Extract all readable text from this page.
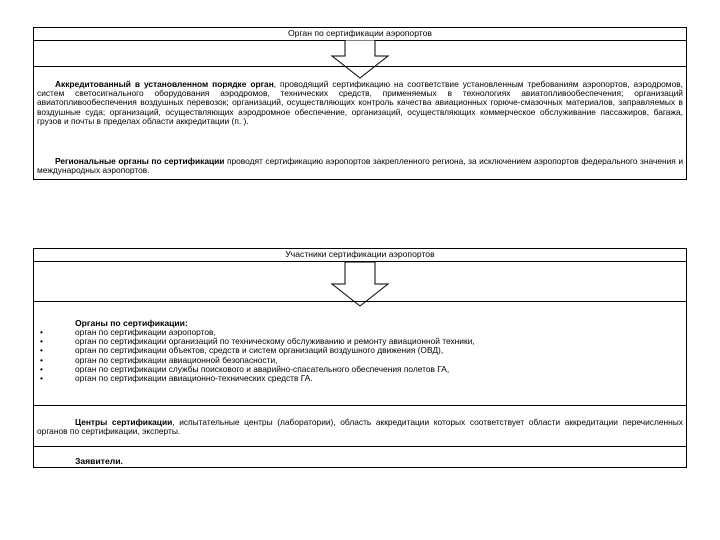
Орган по сертификации аэропортов
Аккредитованный в установленном порядке орган, проводящий сертификацию на соответствие установленным требованиям аэропортов, аэродромов, систем светосигнального оборудования аэродромов, технических средств, применяемых в технологиях авиатопливообеспечения; организаций авиатопливообеспечения воздушных перевозок; организаций, осуществляющих контроль качества авиационных горюче-смазочных материалов, заправляемых в воздушные суда; организаций, осуществляющих аэродромное обеспечение, организаций, осуществляющих коммерческое обслуживание пассажиров, багажа, грузов и почты в пределах области аккредитации (п. ).
Региональные органы по сертификации проводят сертификацию аэропортов закрепленного региона, за исключением аэропортов федерального значения и международных аэропортов.
Участники сертификации аэропортов
Органы по сертификации:
•
•
•
•
•
•
орган по сертификации аэропортов,
орган по сертификации организаций по техническому обслуживанию и ремонту авиационной техники,
орган по сертификации объектов, средств и систем организаций воздушного движения (ОВД),
орган по сертификации авиационной безопасности,
орган по сертификации службы поискового и аварийно-спасательного обеспечения полетов ГА,
орган по сертификации авиационно-технических средств ГА.
Центры сертификации, испытательные центры (лаборатории), область аккредитации которых соответствует области аккредитации перечисленных органов по сертификации, эксперты.
Заявители.
